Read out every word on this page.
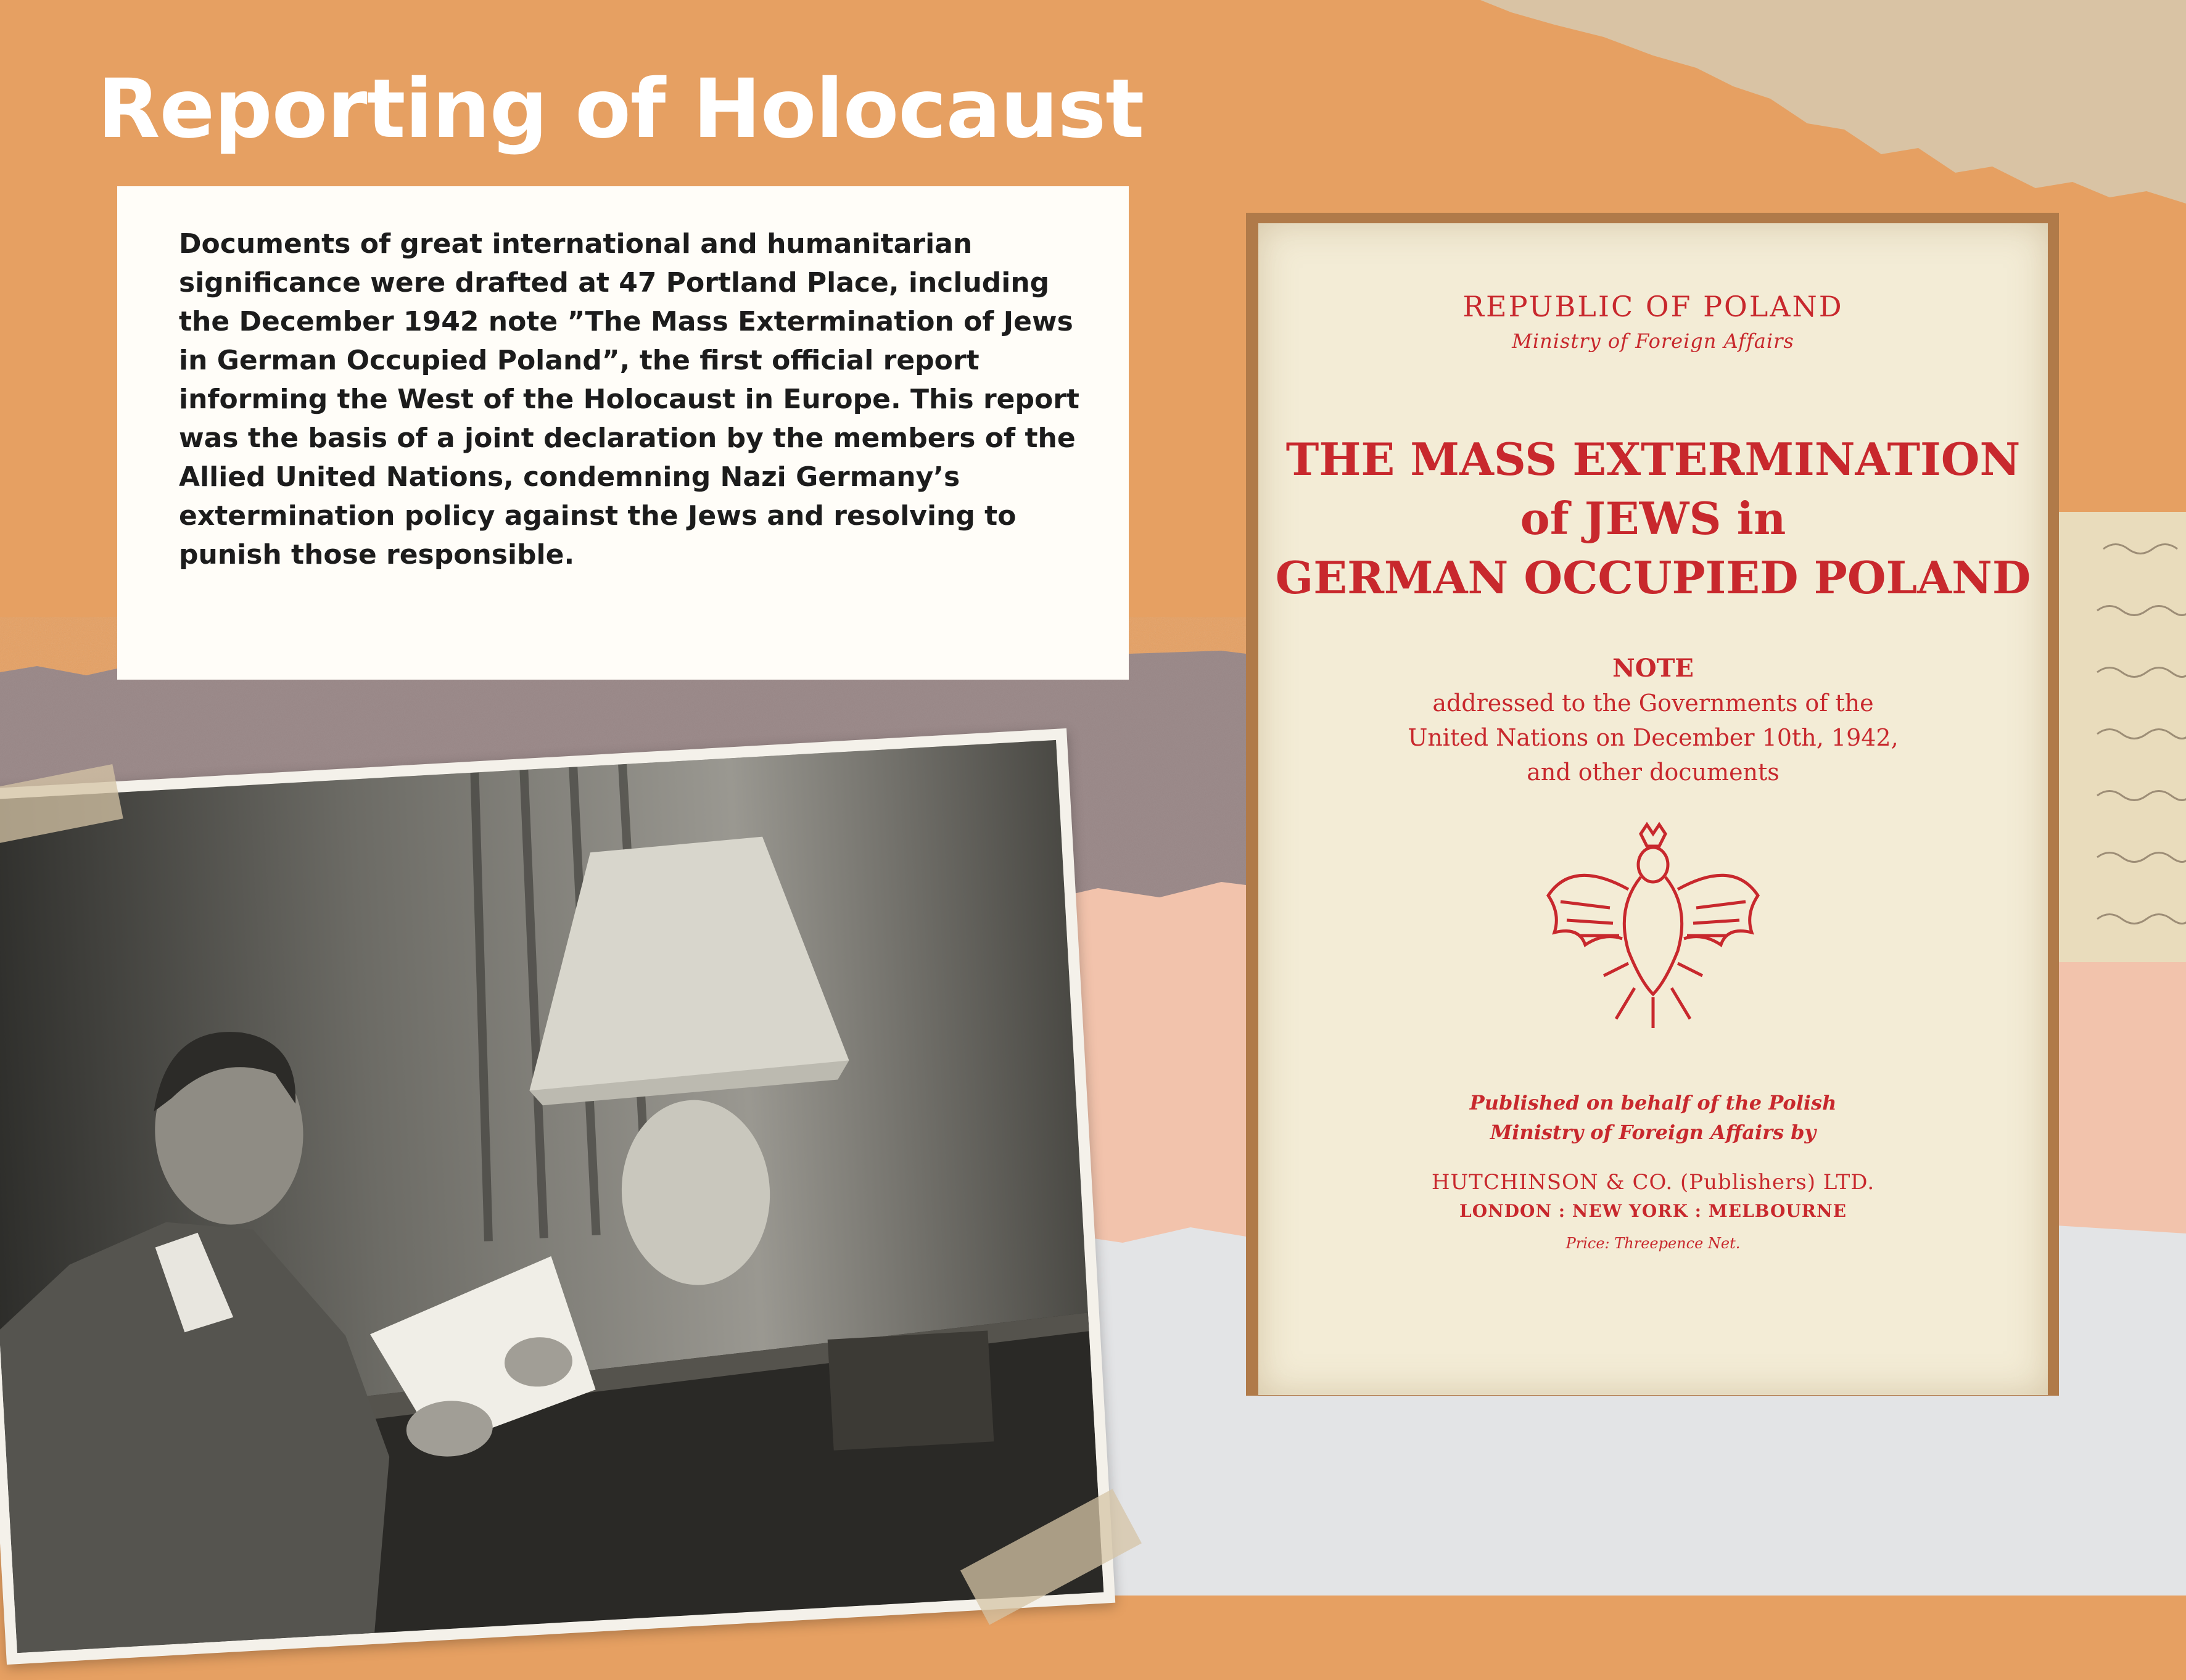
Reporting of Holocaust

Documents of great international and humanitarian significance were drafted at 47 Portland Place, including the December 1942 note ”The Mass Extermination of Jews in German Occupied Poland”, the first official report informing the West of the Holocaust in Europe. This report was the basis of a joint declaration by the members of the Allied United Nations, condemning Nazi Germany’s extermination policy against the Jews and resolving to punish those responsible.

REPUBLIC OF POLAND
Ministry of Foreign Affairs
THE MASS EXTERMINATION
of JEWS in
GERMAN OCCUPIED POLAND
NOTE
addressed to the Governments of the
United Nations on December 10th, 1942,
and other documents
Published on behalf of the Polish
Ministry of Foreign Affairs by
HUTCHINSON & CO. (Publishers) LTD.
LONDON : NEW YORK : MELBOURNE
Price: Threepence Net.
